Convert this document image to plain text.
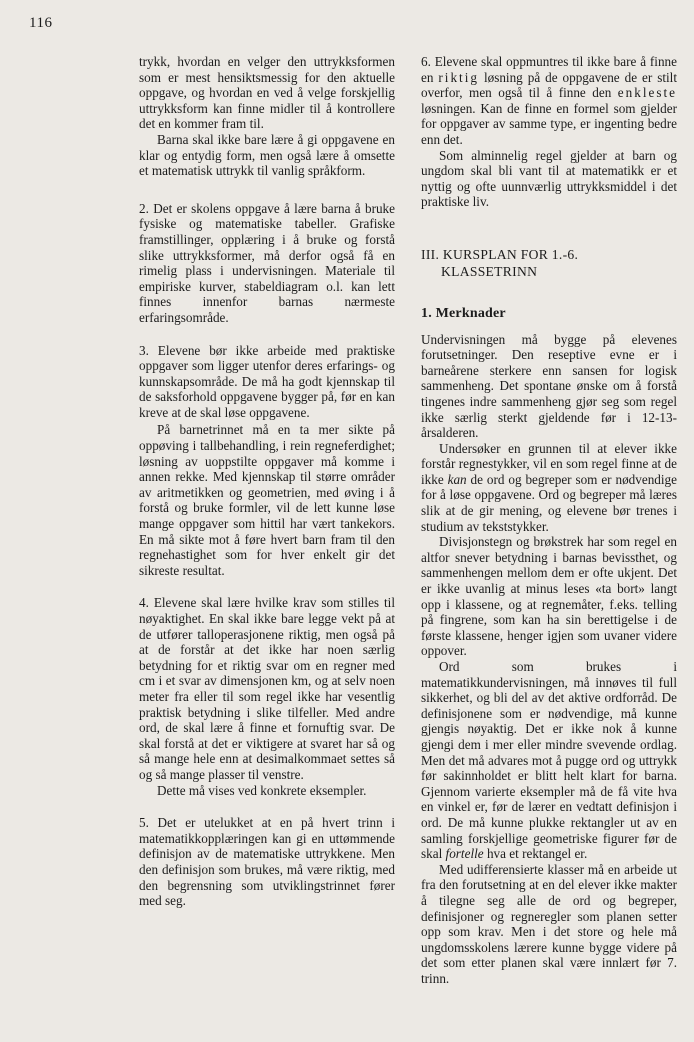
116

trykk, hvordan en velger den uttrykksformen som er mest hensiktsmessig for den aktuelle oppgave, og hvordan en ved å velge forskjellig uttrykksform kan finne midler til å kontrollere det en kommer fram til.

Barna skal ikke bare lære å gi oppgavene en klar og entydig form, men også lære å omsette et matematisk uttrykk til vanlig språkform.

2. Det er skolens oppgave å lære barna å bruke fysiske og matematiske tabeller. Grafiske framstillinger, opplæring i å bruke og forstå slike uttrykksformer, må derfor også få en rimelig plass i undervisningen. Materiale til empiriske kurver, stabeldiagram o.l. kan lett finnes innenfor barnas nærmeste erfaringsområde.

3. Elevene bør ikke arbeide med praktiske oppgaver som ligger utenfor deres erfarings- og kunnskapsområde. De må ha godt kjennskap til de saksforhold oppgavene bygger på, før en kan kreve at de skal løse oppgavene.

På barnetrinnet må en ta mer sikte på oppøving i tallbehandling, i rein regneferdighet; løsning av uoppstilte oppgaver må komme i annen rekke. Med kjennskap til større områder av aritmetikken og geometrien, med øving i å forstå og bruke formler, vil de lett kunne løse mange oppgaver som hittil har vært tankekors. En må sikte mot å føre hvert barn fram til den regnehastighet som for hver enkelt gir det sikreste resultat.

4. Elevene skal lære hvilke krav som stilles til nøyaktighet. En skal ikke bare legge vekt på at de utfører talloperasjonene riktig, men også på at de forstår at det ikke har noen særlig betydning for et riktig svar om en regner med cm i et svar av dimensjonen km, og at selv noen meter fra eller til som regel ikke har vesentlig praktisk betydning i slike tilfeller. Med andre ord, de skal lære å finne et fornuftig svar. De skal forstå at det er viktigere at svaret har så og så mange hele enn at desimalkommaet settes så og så mange plasser til venstre.

Dette må vises ved konkrete eksempler.

5. Det er utelukket at en på hvert trinn i matematikkopplæringen kan gi en uttømmende definisjon av de matematiske uttrykkene. Men den definisjon som brukes, må være riktig, med den begrensning som utviklingstrinnet fører med seg.

6. Elevene skal oppmuntres til ikke bare å finne en riktig løsning på de oppgavene de er stilt overfor, men også til å finne den enkleste løsningen. Kan de finne en formel som gjelder for oppgaver av samme type, er ingenting bedre enn det.

Som alminnelig regel gjelder at barn og ungdom skal bli vant til at matematikk er et nyttig og ofte uunnværlig uttrykksmiddel i det praktiske liv.

III. KURSPLAN FOR 1.-6. KLASSETRINN
1. Merknader

Undervisningen må bygge på elevenes forutsetninger. Den reseptive evne er i barneårene sterkere enn sansen for logisk sammenheng. Det spontane ønske om å forstå tingenes indre sammenheng gjør seg som regel ikke særlig sterkt gjeldende før i 12-13-årsalderen.

Undersøker en grunnen til at elever ikke forstår regnestykker, vil en som regel finne at de ikke kan de ord og begreper som er nødvendige for å løse oppgavene. Ord og begreper må læres slik at de gir mening, og elevene bør trenes i studium av tekststykker.

Divisjonstegn og brøkstrek har som regel en altfor snever betydning i barnas bevissthet, og sammenhengen mellom dem er ofte ukjent. Det er ikke uvanlig at minus leses «ta bort» langt opp i klassene, og at regnemåter, f.eks. telling på fingrene, som kan ha sin berettigelse i de første klassene, henger igjen som uvaner videre oppover.

Ord som brukes i matematikkundervisningen, må innøves til full sikkerhet, og bli del av det aktive ordforråd. De definisjonene som er nødvendige, må kunne gjengis nøyaktig. Det er ikke nok å kunne gjengi dem i mer eller mindre svevende ordlag. Men det må advares mot å pugge ord og uttrykk før sakinnholdet er blitt helt klart for barna. Gjennom varierte eksempler må de få vite hva en vinkel er, før de lærer en vedtatt definisjon i ord. De må kunne plukke rektangler ut av en samling forskjellige geometriske figurer før de skal fortelle hva et rektangel er.

Med udifferensierte klasser må en arbeide ut fra den forutsetning at en del elever ikke makter å tilegne seg alle de ord og begreper, definisjoner og regneregler som planen setter opp som krav. Men i det store og hele må ungdomsskolens lærere kunne bygge videre på det som etter planen skal være innlært før 7. trinn.
